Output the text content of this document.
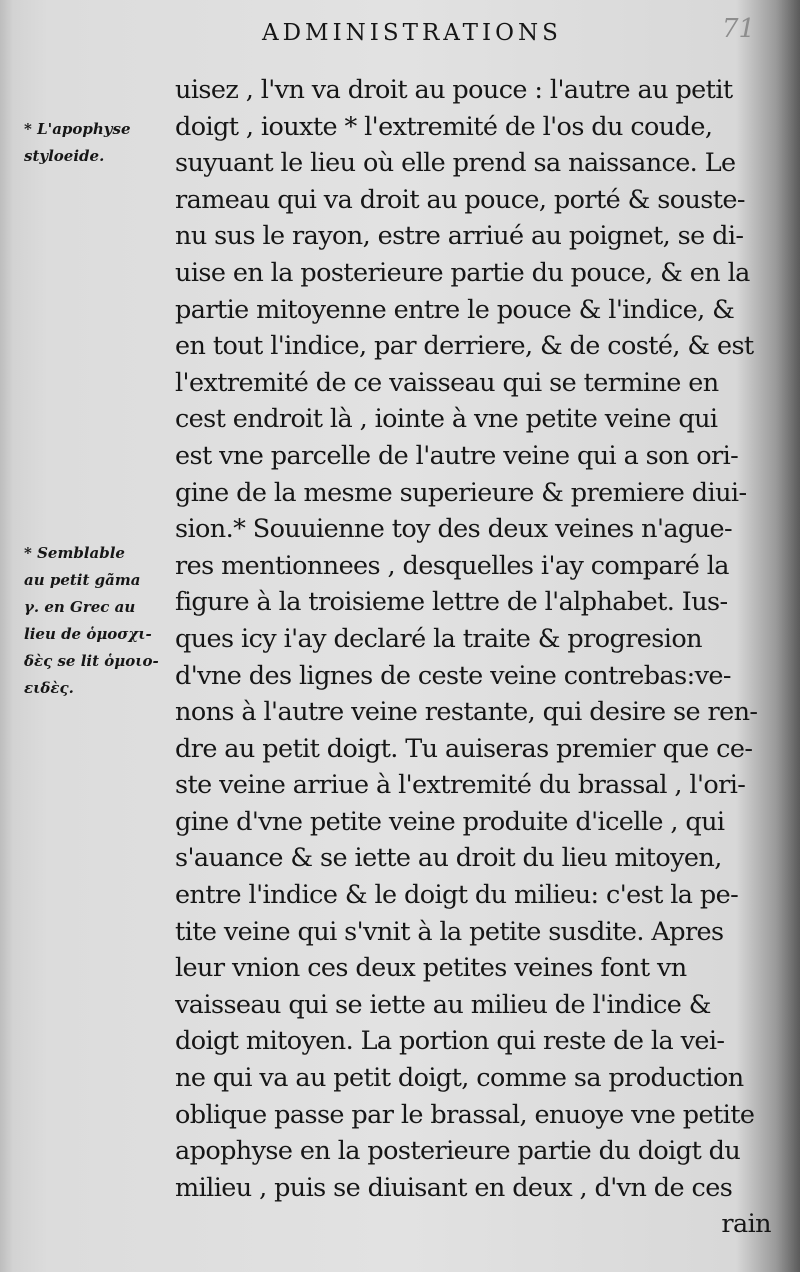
ADMINISTRATIONS	71
* L'apophyse
styloeide.
* Semblable
au petit gãma
γ. en Grec au
lieu de ὁμοσχι-
δὲς se lit ὁμοιο-
ειδὲς.
uisez , l'vn va droit au pouce : l'autre au petit
doigt , iouxte * l'extremité de l'os du coude,
suyuant le lieu où elle prend sa naissance. Le
rameau qui va droit au pouce, porté & souste-
nu sus le rayon, estre arriué au poignet, se di-
uise en la posterieure partie du pouce, & en la
partie mitoyenne entre le pouce & l'indice, &
en tout l'indice, par derriere, & de costé, & est
l'extremité de ce vaisseau qui se termine en
cest endroit là , iointe à vne petite veine qui
est vne parcelle de l'autre veine qui a son ori-
gine de la mesme superieure & premiere diui-
sion.* Souuienne toy des deux veines n'ague-
res mentionnees , desquelles i'ay comparé la
figure à la troisieme lettre de l'alphabet. Ius-
ques icy i'ay declaré la traite & progresion
d'vne des lignes de ceste veine contrebas:ve-
nons à l'autre veine restante, qui desire se ren-
dre au petit doigt. Tu auiseras premier que ce-
ste veine arriue à l'extremité du brassal , l'ori-
gine d'vne petite veine produite d'icelle , qui
s'auance & se iette au droit du lieu mitoyen,
entre l'indice & le doigt du milieu: c'est la pe-
tite veine qui s'vnit à la petite susdite. Apres
leur vnion ces deux petites veines font vn
vaisseau qui se iette au milieu de l'indice &
doigt mitoyen. La portion qui reste de la vei-
ne qui va au petit doigt, comme sa production
oblique passe par le brassal, enuoye vne petite
apophyse en la posterieure partie du doigt du
milieu , puis se diuisant en deux , d'vn de ces
rain
